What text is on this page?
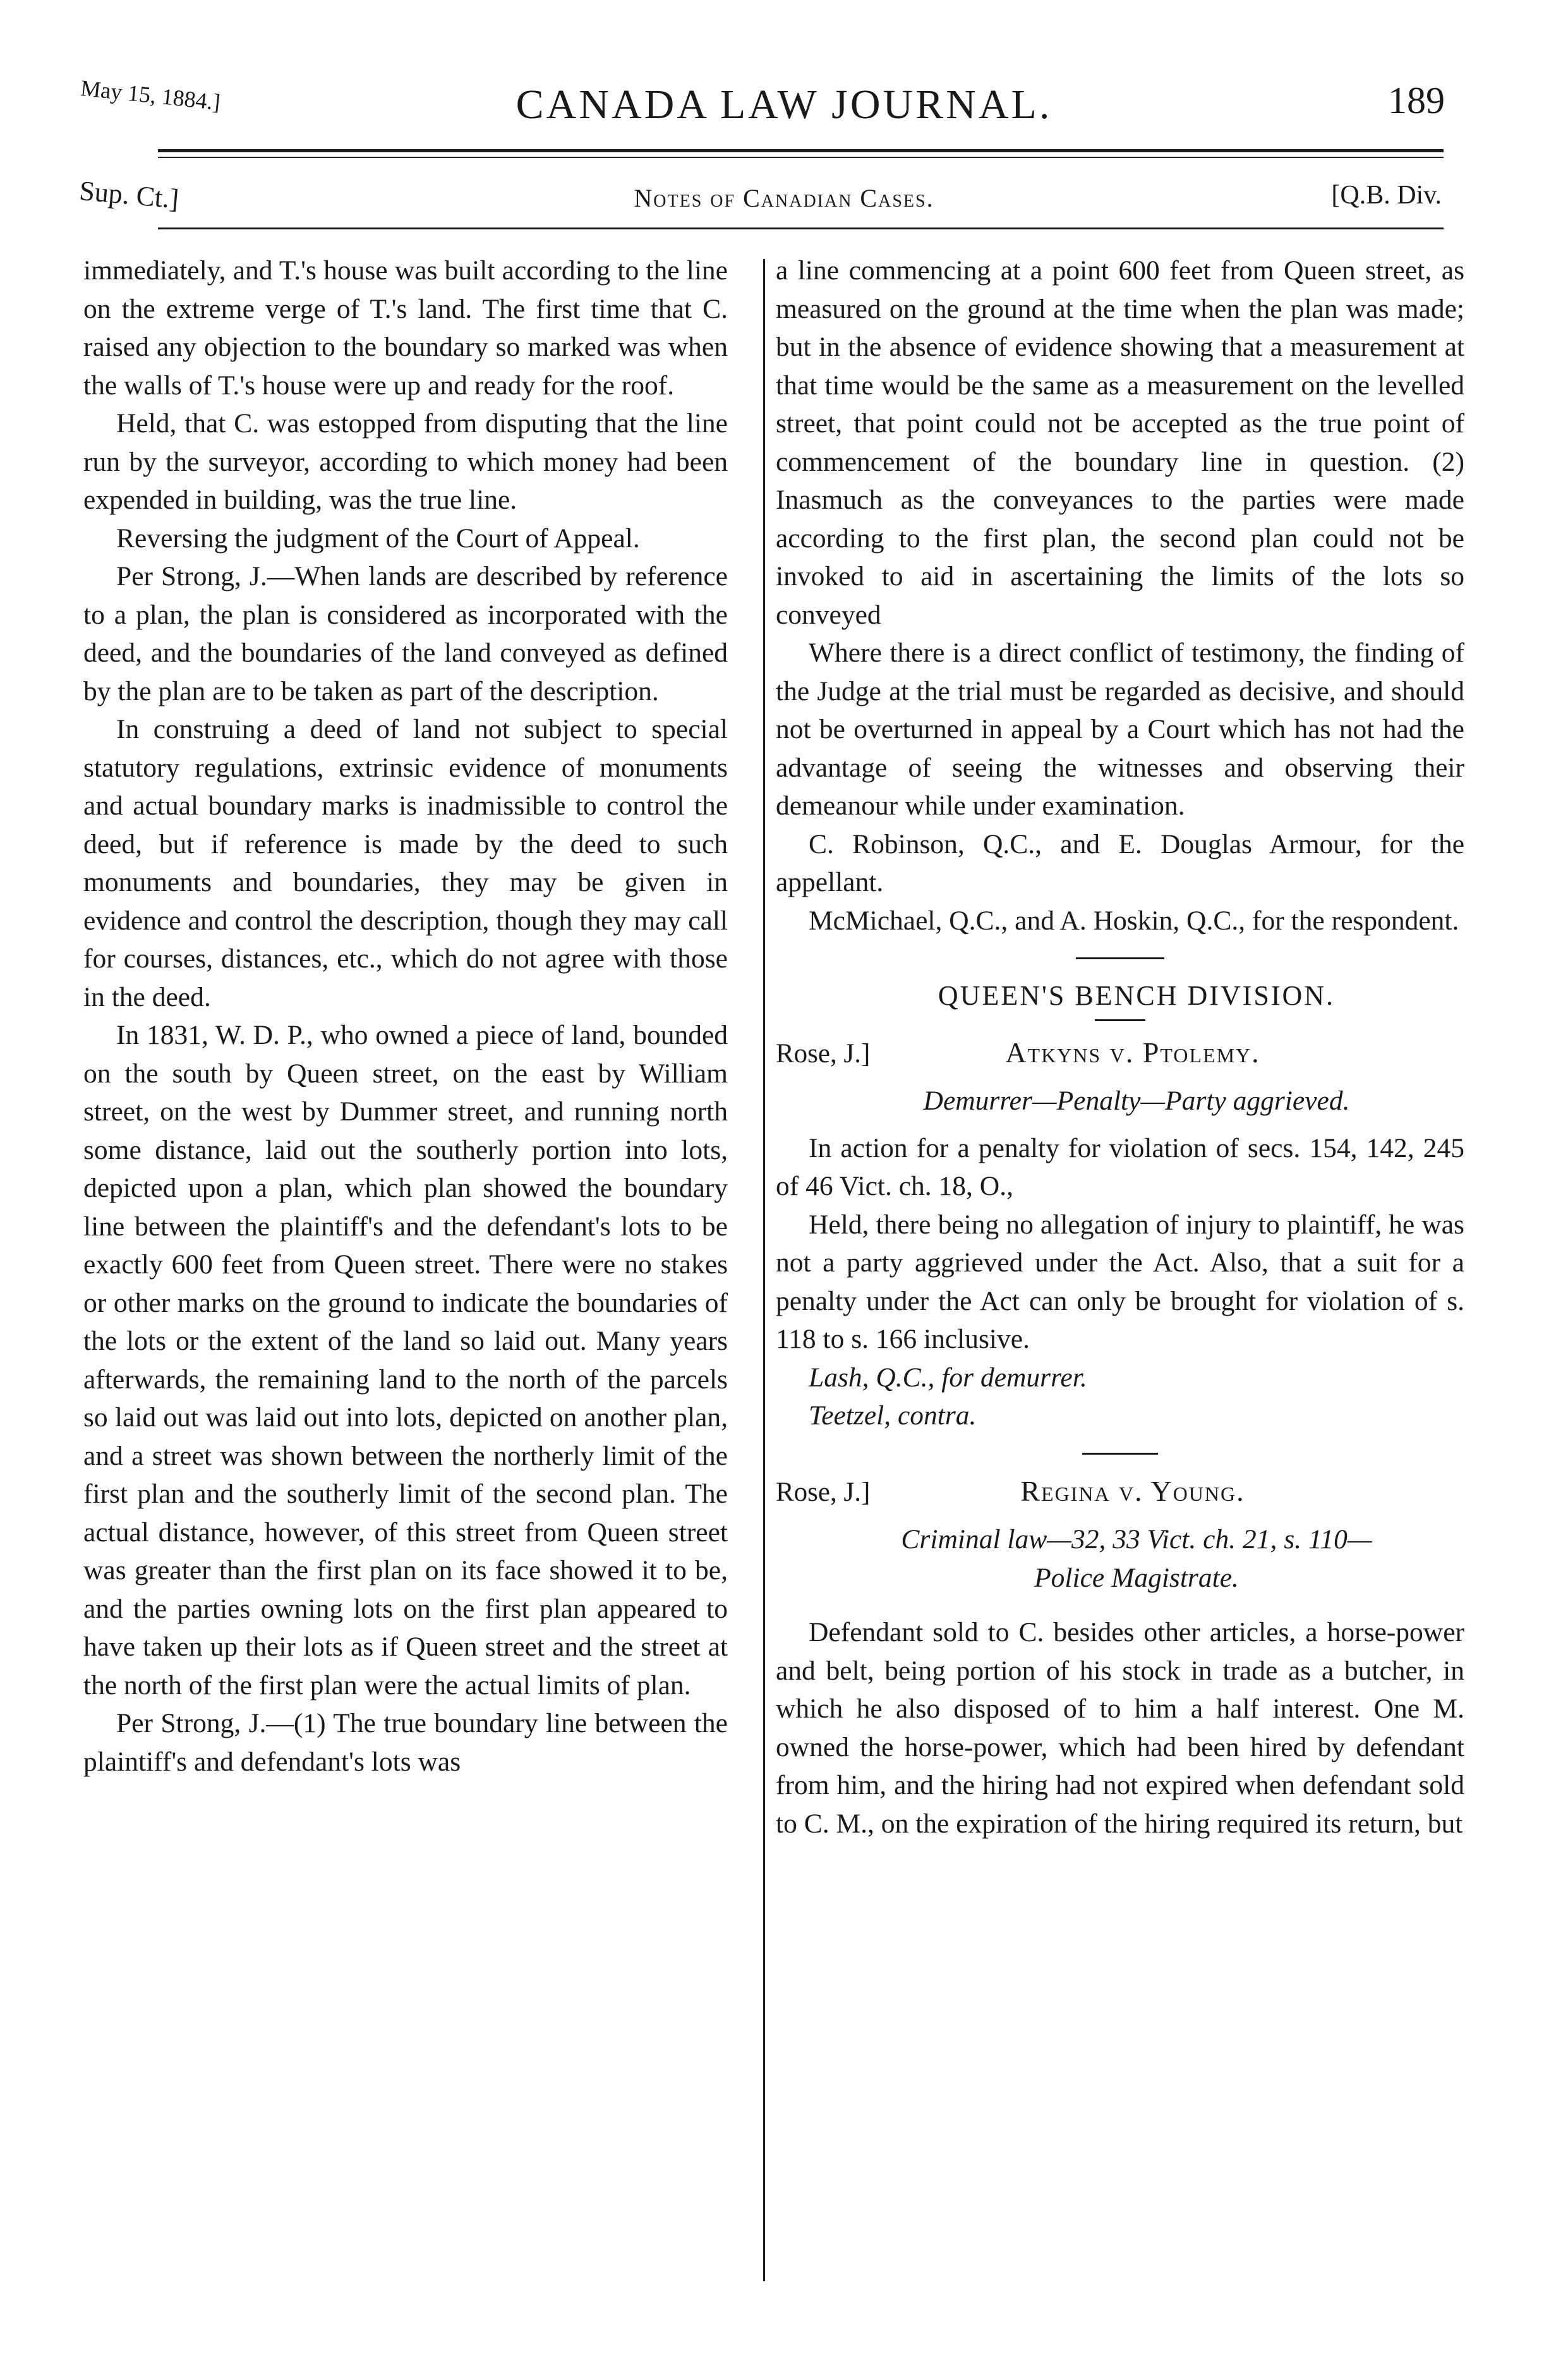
May 15, 1884.]	CANADA LAW JOURNAL.	189
Sup. Ct.]	Notes of Canadian Cases.	[Q.B. Div.

immediately, and T.'s house was built according to the line on the extreme verge of T.'s land. The first time that C. raised any objection to the boundary so marked was when the walls of T.'s house were up and ready for the roof.

Held, that C. was estopped from disputing that the line run by the surveyor, according to which money had been expended in building, was the true line.

Reversing the judgment of the Court of Appeal.

Per Strong, J.—When lands are described by reference to a plan, the plan is considered as incorporated with the deed, and the boundaries of the land conveyed as defined by the plan are to be taken as part of the description.

In construing a deed of land not subject to special statutory regulations, extrinsic evidence of monuments and actual boundary marks is inadmissible to control the deed, but if reference is made by the deed to such monuments and boundaries, they may be given in evidence and control the description, though they may call for courses, distances, etc., which do not agree with those in the deed.

In 1831, W. D. P., who owned a piece of land, bounded on the south by Queen street, on the east by William street, on the west by Dummer street, and running north some distance, laid out the southerly portion into lots, depicted upon a plan, which plan showed the boundary line between the plaintiff's and the defendant's lots to be exactly 600 feet from Queen street. There were no stakes or other marks on the ground to indicate the boundaries of the lots or the extent of the land so laid out. Many years afterwards, the remaining land to the north of the parcels so laid out was laid out into lots, depicted on another plan, and a street was shown between the northerly limit of the first plan and the southerly limit of the second plan. The actual distance, however, of this street from Queen street was greater than the first plan on its face showed it to be, and the parties owning lots on the first plan appeared to have taken up their lots as if Queen street and the street at the north of the first plan were the actual limits of plan.

Per Strong, J.—(1) The true boundary line between the plaintiff's and defendant's lots was

a line commencing at a point 600 feet from Queen street, as measured on the ground at the time when the plan was made; but in the absence of evidence showing that a measurement at that time would be the same as a measurement on the levelled street, that point could not be accepted as the true point of commencement of the boundary line in question. (2) Inasmuch as the conveyances to the parties were made according to the first plan, the second plan could not be invoked to aid in ascertaining the limits of the lots so conveyed

Where there is a direct conflict of testimony, the finding of the Judge at the trial must be regarded as decisive, and should not be overturned in appeal by a Court which has not had the advantage of seeing the witnesses and observing their demeanour while under examination.

C. Robinson, Q.C., and E. Douglas Armour, for the appellant.

McMichael, Q.C., and A. Hoskin, Q.C., for the respondent.

QUEEN'S BENCH DIVISION.

Rose, J.]	Atkyns v. Ptolemy.

Demurrer—Penalty—Party aggrieved.

In action for a penalty for violation of secs. 154, 142, 245 of 46 Vict. ch. 18, O.,

Held, there being no allegation of injury to plaintiff, he was not a party aggrieved under the Act. Also, that a suit for a penalty under the Act can only be brought for violation of s. 118 to s. 166 inclusive.

Lash, Q.C., for demurrer.

Teetzel, contra.

Rose, J.]	Regina v. Young.

Criminal law—32, 33 Vict. ch. 21, s. 110—

Police Magistrate.

Defendant sold to C. besides other articles, a horse-power and belt, being portion of his stock in trade as a butcher, in which he also disposed of to him a half interest. One M. owned the horse-power, which had been hired by defendant from him, and the hiring had not expired when defendant sold to C. M., on the expiration of the hiring required its return, but
